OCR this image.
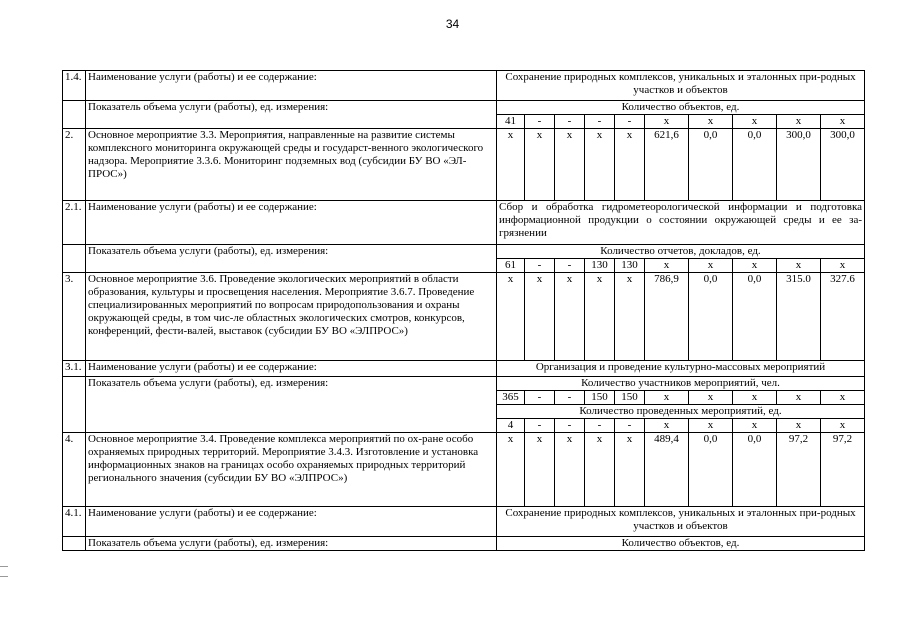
34
1.4.	Наименование услуги (работы) и ее содержание:	Сохранение природных комплексов, уникальных и эталонных при-родных участков и объектов									
	Показатель объема услуги (работы), ед. измерения:	Количество объектов, ед.									
		41	-	-	-	-	х	х	х	х	х
2.	Основное мероприятие 3.3. Мероприятия, направленные на развитие системы комплексного мониторинга окружающей среды и государст-венного экологического надзора. Мероприятие 3.3.6. Мониторинг подземных вод (субсидии БУ ВО «ЭЛ-ПРОС»)	х	х	х	х	х	621,6	0,0	0,0	300,0	300,0
2.1.	Наименование услуги (работы) и ее содержание:	Сбор и обработка гидрометеорологической информации и подготовка информационной продукции о состоянии окружающей среды и ее за-грязнении									
	Показатель объема услуги (работы), ед. измерения:	Количество отчетов, докладов, ед.									
		61	-	-	130	130	х	х	х	х	х
3.	Основное мероприятие 3.6. Проведение экологических мероприятий в области образования, культуры и просвещения населения. Мероприятие 3.6.7. Проведение специализированных мероприятий по вопросам природопользования и охраны окружающей среды, в том чис-ле областных экологических смотров, конкурсов, конференций, фести-валей, выставок (субсидии БУ ВО «ЭЛПРОС»)	х	х	х	х	х	786,9	0,0	0,0	315.0	327.6
3.1.	Наименование услуги (работы) и ее содержание:	Организация и проведение культурно-массовых мероприятий									
	Показатель объема услуги (работы), ед. измерения:	Количество участников мероприятий, чел.									
		365	-	-	150	150	х	х	х	х	х
		Количество проведенных мероприятий, ед.									
		4	-	-	-	-	х	х	х	х	х
4.	Основное мероприятие 3.4. Проведение комплекса мероприятий по ох-ране особо охраняемых природных территорий. Мероприятие 3.4.3. Изготовление и установка информационных знаков на границах особо охраняемых природных территорий регионального значения (субсидии БУ ВО «ЭЛПРОС»)	х	х	х	х	х	489,4	0,0	0,0	97,2	97,2
4.1.	Наименование услуги (работы) и ее содержание:	Сохранение природных комплексов, уникальных и эталонных при-родных участков и объектов									
	Показатель объема услуги (работы), ед. измерения:	Количество объектов, ед.									
